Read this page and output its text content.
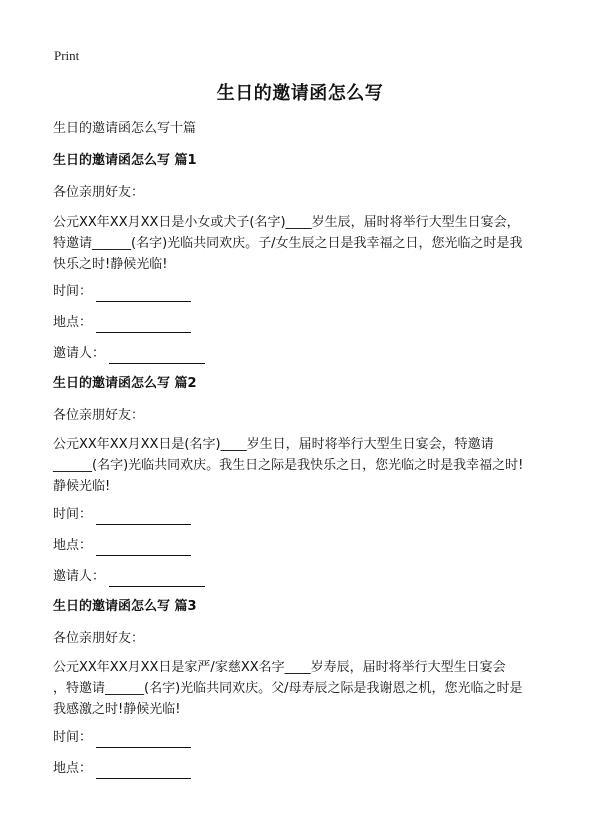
Print
生日的邀请函怎么写
生日的邀请函怎么写十篇
生日的邀请函怎么写 篇1
各位亲朋好友：
公元XX年XX月XX日是小女或犬子(名字)____岁生辰，届时将举行大型生日宴会，
特邀请______(名字)光临共同欢庆。子/女生辰之日是我幸福之日，您光临之时是我
快乐之时!静候光临!
时间：
地点：
邀请人：
生日的邀请函怎么写 篇2
各位亲朋好友：
公元XX年XX月XX日是(名字)____岁生日，届时将举行大型生日宴会，特邀请
______(名字)光临共同欢庆。我生日之际是我快乐之日，您光临之时是我幸福之时!
静候光临!
时间：
地点：
邀请人：
生日的邀请函怎么写 篇3
各位亲朋好友：
公元XX年XX月XX日是家严/家慈XX名字____岁寿辰，届时将举行大型生日宴会
，特邀请______(名字)光临共同欢庆。父/母寿辰之际是我谢恩之机，您光临之时是
我感激之时!静候光临!
时间：
地点：
